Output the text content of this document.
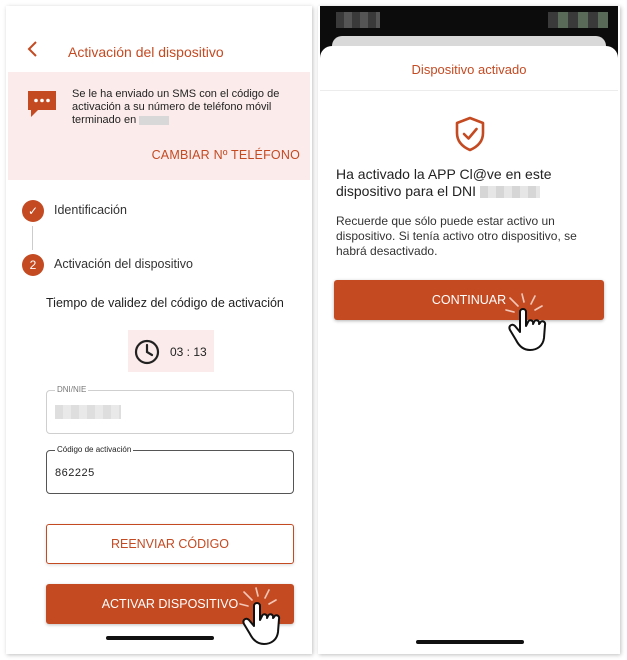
Activación del dispositivo
Se le ha enviado un SMS con el código de activación a su número de teléfono móvil terminado en
CAMBIAR Nº TELÉFONO
✓	Identificación
2	Activación del dispositivo
Tiempo de validez del código de activación
03 : 13
DNI/NIE
Código de activación
862225
REENVIAR CÓDIGO
ACTIVAR DISPOSITIVO
Dispositivo activado
Ha activado la APP Cl@ve en este dispositivo para el DNI
Recuerde que sólo puede estar activo un dispositivo. Si tenía activo otro dispositivo, se habrá desactivado.
CONTINUAR
